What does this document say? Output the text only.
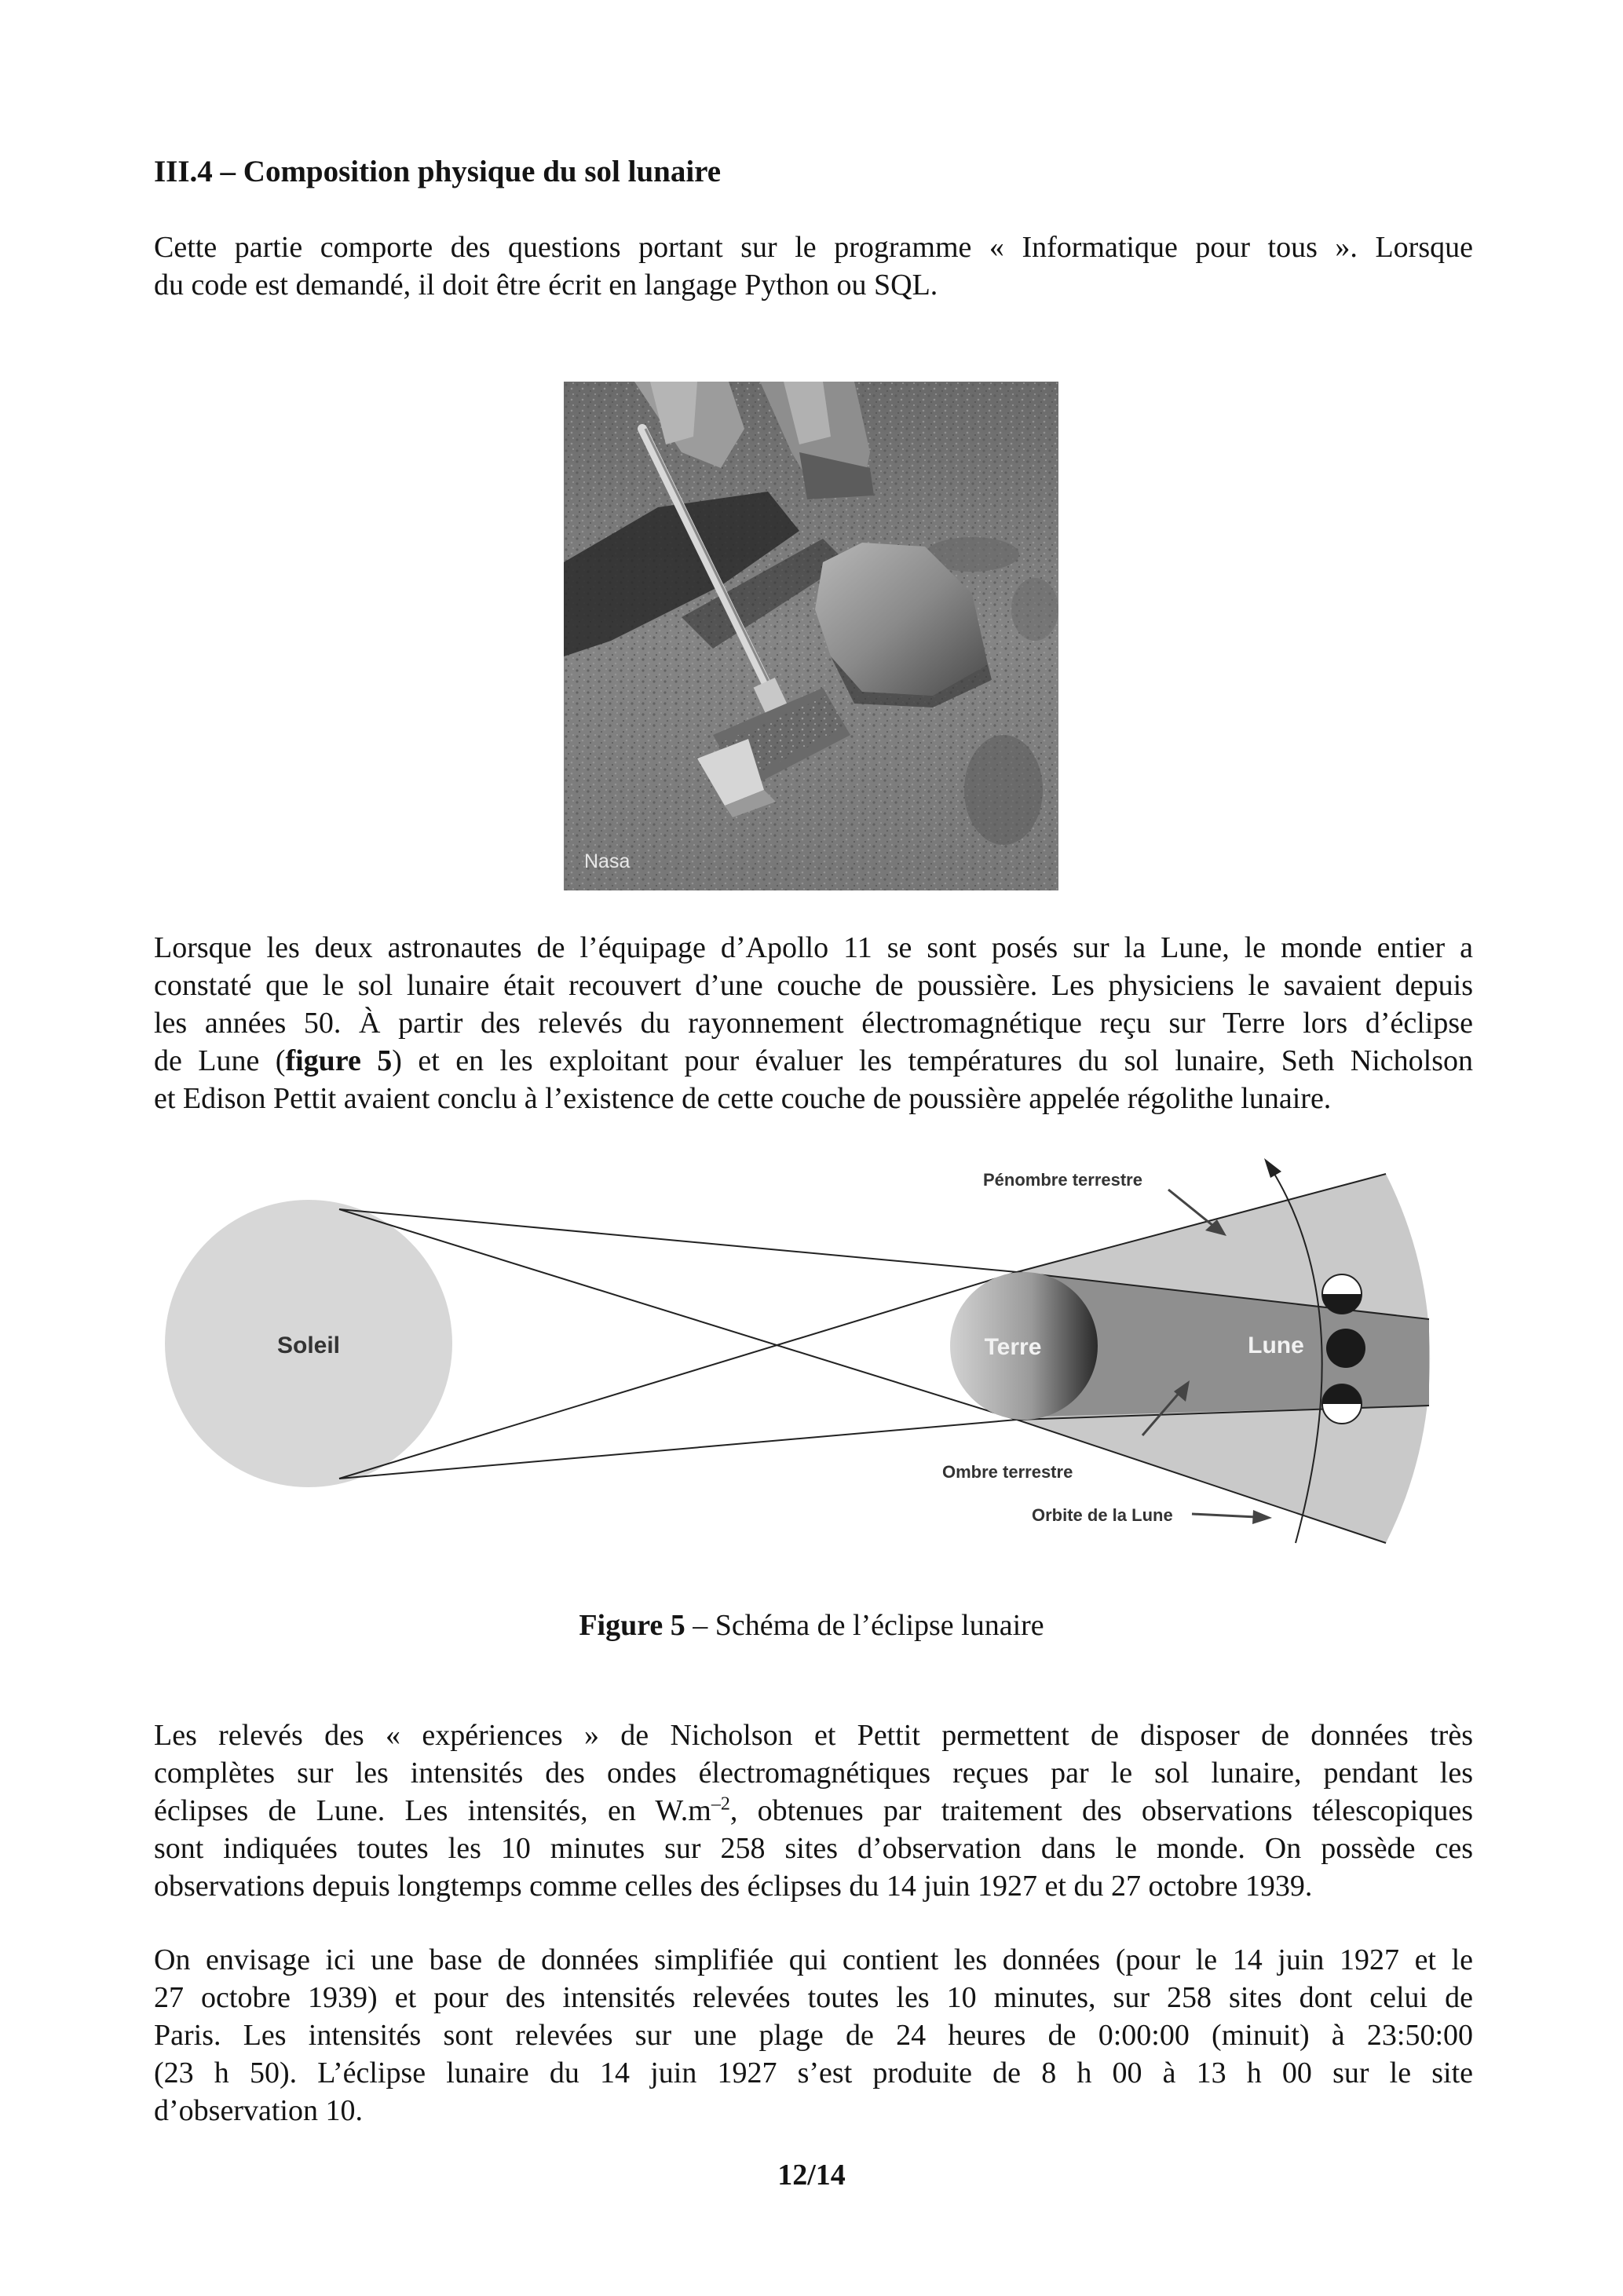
III.4 – Composition physique du sol lunaire

Cette partie comporte des questions portant sur le programme « Informatique pour tous ». Lorsque
du code est demandé, il doit être écrit en langage Python ou SQL.

Nasa

Lorsque les deux astronautes de l’équipage d’Apollo 11 se sont posés sur la Lune, le monde entier a
constaté que le sol lunaire était recouvert d’une couche de poussière. Les physiciens le savaient depuis
les années 50. À partir des relevés du rayonnement électromagnétique reçu sur Terre lors d’éclipse
de Lune (figure 5) et en les exploitant pour évaluer les températures du sol lunaire, Seth Nicholson
et Edison Pettit avaient conclu à l’existence de cette couche de poussière appelée régolithe lunaire.

Soleil	Terre	Lune
Pénombre terrestre
Ombre terrestre
Orbite de la Lune
Figure 5 – Schéma de l’éclipse lunaire

Les relevés des « expériences » de Nicholson et Pettit permettent de disposer de données très
complètes sur les intensités des ondes électromagnétiques reçues par le sol lunaire, pendant les
éclipses de Lune. Les intensités, en $W.m^{-2}$, obtenues par traitement des observations télescopiques
sont indiquées toutes les 10 minutes sur 258 sites d’observation dans le monde. On possède ces
observations depuis longtemps comme celles des éclipses du 14 juin 1927 et du 27 octobre 1939.

On envisage ici une base de données simplifiée qui contient les données (pour le 14 juin 1927 et le
27 octobre 1939) et pour des intensités relevées toutes les 10 minutes, sur 258 sites dont celui de
Paris. Les intensités sont relevées sur une plage de 24 heures de 0:00:00 (minuit) à 23:50:00
(23 h 50). L’éclipse lunaire du 14 juin 1927 s’est produite de 8 h 00 à 13 h 00 sur le site
d’observation 10.

12/14
